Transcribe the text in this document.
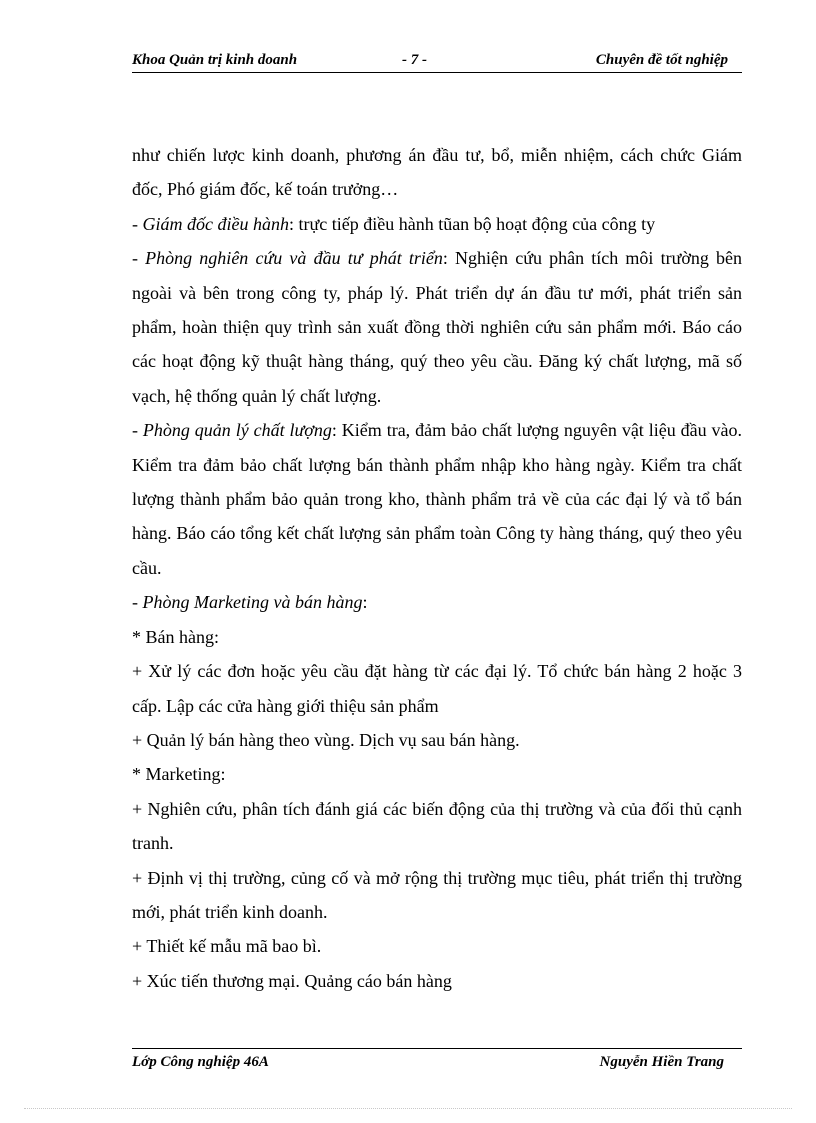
Khoa Quản trị kinh doanh	- 7 -	Chuyên đề tốt nghiệp

như chiến lược kinh doanh, phương án đầu tư, bổ, miễn nhiệm, cách chức Giám đốc, Phó giám đốc, kế toán trưởng…

- Giám đốc điều hành: trực tiếp điều hành tũan bộ hoạt động của công ty

- Phòng nghiên cứu và đầu tư phát triển: Nghiện cứu phân tích môi trường bên ngoài và bên trong công ty, pháp lý. Phát triển dự án đầu tư mới, phát triển sản phẩm, hoàn thiện quy trình sản xuất đồng thời nghiên cứu sản phẩm mới. Báo cáo các hoạt động kỹ thuật hàng tháng, quý theo yêu cầu. Đăng ký chất lượng, mã số vạch, hệ thống quản lý chất lượng.

- Phòng quản lý chất lượng: Kiểm tra, đảm bảo chất lượng nguyên vật liệu đầu vào. Kiểm tra đảm bảo chất lượng bán thành phẩm nhập kho hàng ngày. Kiểm tra chất lượng thành phẩm bảo quản trong kho, thành phẩm trả về của các đại lý và tổ bán hàng. Báo cáo tổng kết chất lượng sản phẩm toàn Công ty hàng tháng, quý theo yêu cầu.

- Phòng Marketing và bán hàng:

* Bán hàng:

+ Xử lý các đơn hoặc yêu cầu đặt hàng từ các đại lý. Tổ chức bán hàng 2 hoặc 3 cấp. Lập các cửa hàng giới thiệu sản phẩm

+ Quản lý bán hàng theo vùng. Dịch vụ sau bán hàng.

* Marketing:

+ Nghiên cứu, phân tích đánh giá các biến động của thị trường và của đối thủ cạnh tranh.

+ Định vị thị trường, củng cố và mở rộng thị trường mục tiêu, phát triển thị trường mới, phát triển kinh doanh.

+ Thiết kế mẫu mã bao bì.

+ Xúc tiến thương mại. Quảng cáo bán hàng

Lớp Công nghiệp 46A	Nguyễn Hiền Trang
